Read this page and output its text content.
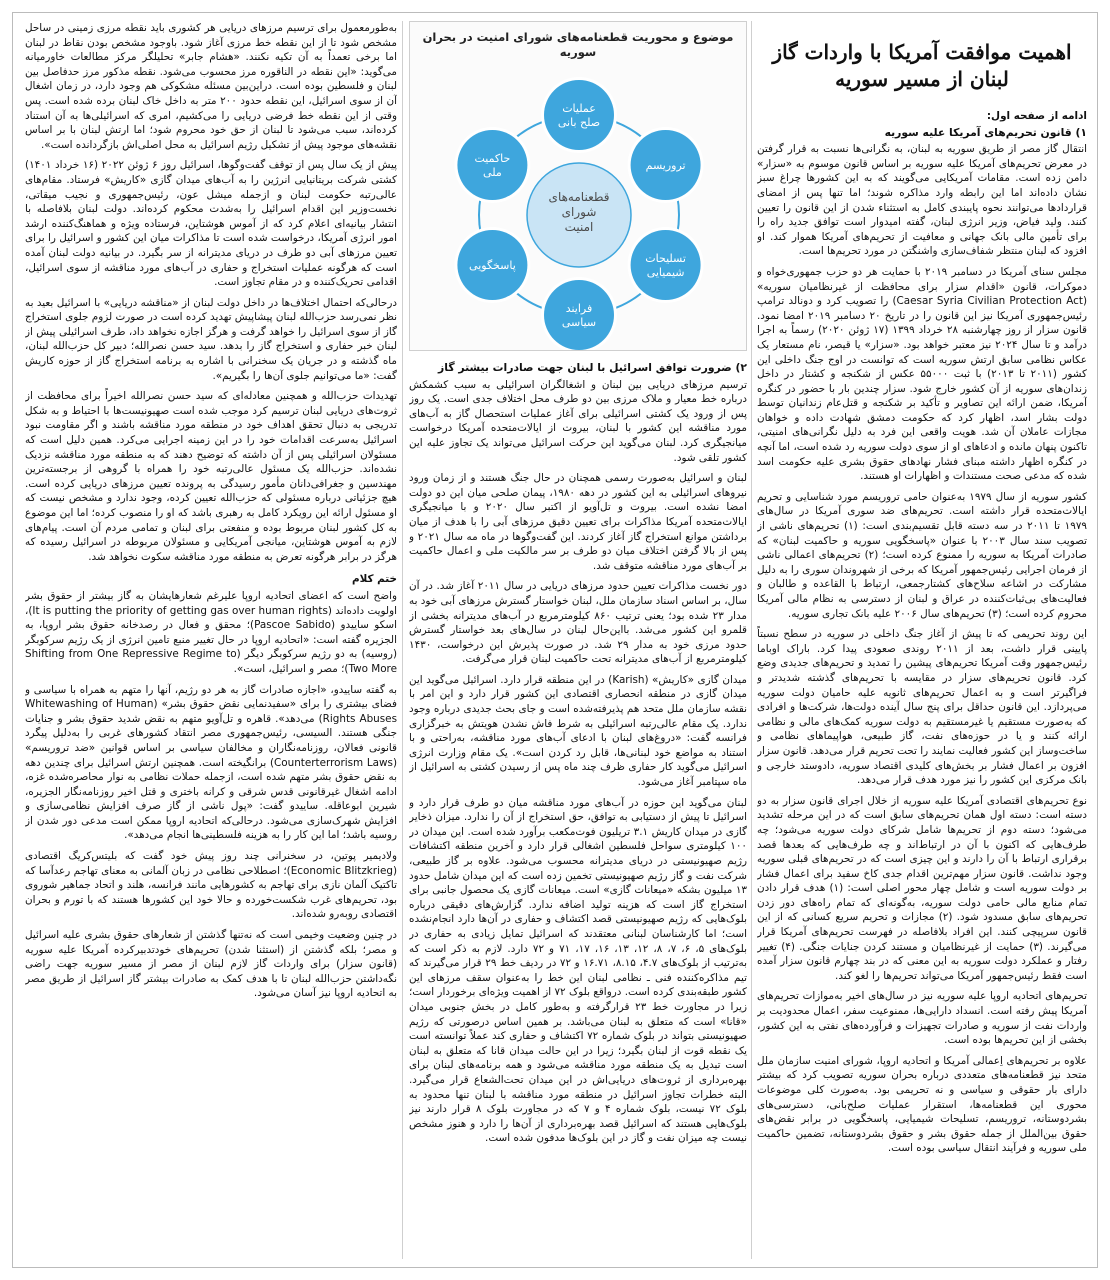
اهمیت موافقت آمریکا با واردات گاز لبنان از مسیر سوریه

ادامه از صفحه اول:

۱) قانون تحریم‌های آمریکا علیه سوریه

انتقال گاز مصر از طریق سوریه به لبنان، به نگرانی‌ها نسبت به قرار گرفتن در معرض تحریم‌های آمریکا علیه سوریه بر اساس قانون موسوم به «سزار» دامن زده است. مقامات آمریکایی می‌گویند که به این کشورها چراغ سبز نشان داده‌اند اما این رابطه وارد مذاکره شوند؛ اما تنها پس از امضای قراردادها می‌توانند نحوه پایبندی کامل به استثناء شدن از این قانون را تعیین کنند. ولید فیاض، وزیر انرژی لبنان، گفته امیدوار است توافق جدید راه را برای تأمین مالی بانک جهانی و معافیت از تحریم‌های آمریکا هموار کند. او افزود که لبنان منتظر شفاف‌سازی واشنگتن در مورد تحریم‌ها است.

مجلس سنای آمریکا در دسامبر ۲۰۱۹ با حمایت هر دو حزب جمهوری‌خواه و دموکرات، قانون «اقدام سزار برای محافظت از غیرنظامیان سوریه» (Caesar Syria Civilian Protection Act) را تصویب کرد و دونالد ترامپ رئیس‌جمهوری آمریکا نیز این قانون را در تاریخ ۲۰ دسامبر ۲۰۱۹ امضا نمود. قانون سزار از روز چهارشنبه ۲۸ خرداد ۱۳۹۹ (۱۷ ژوئن ۲۰۲۰) رسماً به اجرا درآمد و تا سال ۲۰۲۴ نیز معتبر خواهد بود. «سزار» یا قیصر، نام مستعار یک عکاس نظامی سابق ارتش سوریه است که توانست در اوج جنگ داخلی این کشور (۲۰۱۱ تا ۲۰۱۳) با ثبت ۵۵۰۰۰ عکس از شکنجه و کشتار در داخل زندان‌های سوریه از آن کشور خارج شود. سزار چندین بار با حضور در کنگره آمریکا، ضمن ارائه این تصاویر و تأکید بر شکنجه و قتل‌عام زندانیان توسط دولت بشار اسد، اظهار کرد که حکومت دمشق شهادت داده و خواهان مجازات عاملان آن شد. هویت واقعی این فرد به دلیل نگرانی‌های امنیتی، تاکنون پنهان مانده و ادعاهای او از سوی دولت سوریه رد شده است، اما آنچه در کنگره اظهار داشته مبنای فشار نهادهای حقوق بشری علیه حکومت اسد شده که مدعی صحت مستندات و اظهارات او هستند.

کشور سوریه از سال ۱۹۷۹ به‌عنوان حامی تروریسم مورد شناسایی و تحریم ایالات‌متحده قرار داشته است. تحریم‌های ضد سوری آمریکا در سال‌های ۱۹۷۹ تا ۲۰۱۱ در سه دسته قابل تقسیم‌بندی است: (۱) تحریم‌های ناشی از تصویب سند سال ۲۰۰۳ با عنوان «پاسخگویی سوریه و حاکمیت لبنان» که صادرات آمریکا به سوریه را ممنوع کرده است؛ (۲) تحریم‌های اعمالی ناشی از فرمان اجرایی رئیس‌جمهور آمریکا که برخی از شهروندان سوری را به دلیل مشارکت در اشاعه سلاح‌های کشتارجمعی، ارتباط با القاعده و طالبان و فعالیت‌های بی‌ثبات‌کننده در عراق و لبنان از دسترسی به نظام مالی آمریکا محروم کرده است؛ (۳) تحریم‌های سال ۲۰۰۶ علیه بانک تجاری سوریه.

این روند تحریمی که تا پیش از آغاز جنگ داخلی در سوریه در سطح نسبتاً پایینی قرار داشت، بعد از ۲۰۱۱ روندی صعودی پیدا کرد. باراک اوباما رئیس‌جمهور وقت آمریکا تحریم‌های پیشین را تمدید و تحریم‌های جدیدی وضع کرد. قانون تحریم‌های سزار در مقایسه با تحریم‌های گذشته شدیدتر و فراگیرتر است و به اعمال تحریم‌های ثانویه علیه حامیان دولت سوریه می‌پردازد. این قانون حداقل برای پنج سال آینده دولت‌ها، شرکت‌ها و افرادی که به‌صورت مستقیم یا غیرمستقیم به دولت سوریه کمک‌های مالی و نظامی ارائه کنند و یا در حوزه‌های نفت، گاز طبیعی، هواپیماهای نظامی و ساخت‌وساز این کشور فعالیت نمایند را تحت تحریم قرار می‌دهد. قانون سزار افزون بر اعمال فشار بر بخش‌های کلیدی اقتصاد سوریه، دادوستد خارجی و بانک مرکزی این کشور را نیز مورد هدف قرار می‌دهد.

نوع تحریم‌های اقتصادی آمریکا علیه سوریه از خلال اجرای قانون سزار به دو دسته است: دسته اول همان تحریم‌های سابق است که در این مرحله تشدید می‌شود؛ دسته دوم از تحریم‌ها شامل شرکای دولت سوریه می‌شود؛ چه طرف‌هایی که اکنون با آن در ارتباط‌اند و چه طرف‌هایی که بعدها قصد برقراری ارتباط با آن را دارند و این چیزی است که در تحریم‌های قبلی سوریه وجود نداشت. قانون سزار مهم‌ترین اقدام جدی کاخ سفید برای اعمال فشار بر دولت سوریه است و شامل چهار محور اصلی است: (۱) هدف قرار دادن تمام منابع مالی حامی دولت سوریه، به‌گونه‌ای که تمام راه‌های دور زدن تحریم‌های سابق مسدود شود. (۲) مجازات و تحریم سریع کسانی که از این قانون سرپیچی کنند. این افراد بلافاصله در فهرست تحریم‌های آمریکا قرار می‌گیرند. (۳) حمایت از غیرنظامیان و مستند کردن جنایات جنگی. (۴) تغییر رفتار و عملکرد دولت سوریه به این معنی که در بند چهارم قانون سزار آمده است فقط رئیس‌جمهور آمریکا می‌تواند تحریم‌ها را لغو کند.

تحریم‌های اتحادیه اروپا علیه سوریه نیز در سال‌های اخیر به‌موازات تحریم‌های آمریکا پیش رفته است. انسداد دارایی‌ها، ممنوعیت سفر، اعمال محدودیت بر واردات نفت از سوریه و صادرات تجهیزات و فرآورده‌های نفتی به این کشور، بخشی از این تحریم‌ها بوده است.

علاوه بر تحریم‌های اِعمالی آمریکا و اتحادیه اروپا، شورای امنیت سازمان ملل متحد نیز قطعنامه‌های متعددی درباره بحران سوریه تصویب کرد که بیشتر دارای بار حقوقی و سیاسی و نه تحریمی بود. به‌صورت کلی موضوعات محوری این قطعنامه‌ها، استقرار عملیات صلح‌بانی، دسترسی‌های بشردوستانه، تروریسم، تسلیحات شیمیایی، پاسخگویی در برابر نقض‌های حقوق بین‌الملل از جمله حقوق بشر و حقوق بشردوستانه، تضمین حاکمیت ملی سوریه و فرآیند انتقال سیاسی بوده است.

موضوع و محوریت قطعنامه‌های شورای امنیت در بحران سوریه
قطعنامه‌های
شورای
امنیت
عملیات
صلح بانی
تروریسم
تسلیحات
شیمیایی
فرایند
سیاسی
پاسخگویی
حاکمیت
ملی
۲) ضرورت توافق اسرائیل با لبنان جهت صادرات بیشتر گاز

ترسیم مرزهای دریایی بین لبنان و اشغالگران اسرائیلی به سبب کشمکش درباره خط معیار و ملاک مرزی بین دو طرف محل اختلاف جدی است. یک روز پس از ورود یک کشتی اسرائیلی برای آغاز عملیات استحصال گاز به آب‌های مورد مناقشه این کشور با لبنان، بیروت از ایالات‌متحده آمریکا درخواست میانجیگری کرد. لبنان می‌گوید این حرکت اسرائیل می‌تواند یک تجاوز علیه این کشور تلقی شود.

لبنان و اسرائیل به‌صورت رسمی همچنان در حال جنگ هستند و از زمان ورود نیروهای اسرائیلی به این کشور در دهه ۱۹۸۰، پیمان صلحی میان این دو دولت امضا نشده است. بیروت و تل‌آویو از اکتبر سال ۲۰۲۰ و با میانجیگری ایالات‌متحده آمریکا مذاکرات برای تعیین دقیق مرزهای آبی را با هدف از میان برداشتن موانع استخراج گاز آغاز کردند. این گفت‌وگوها در ماه مه سال ۲۰۲۱ و پس از بالا گرفتن اختلاف میان دو طرف بر سر مالکیت ملی و اعمال حاکمیت بر آب‌های مورد مناقشه متوقف شد.

دور نخست مذاکرات تعیین حدود مرزهای دریایی در سال ۲۰۱۱ آغاز شد. در آن سال، بر اساس اسناد سازمان ملل، لبنان خواستار گسترش مرزهای آبی خود به مدار ۲۳ شده بود؛ یعنی ترتیب ۸۶۰ کیلومترمربع در آب‌های مدیترانه بخشی از قلمرو این کشور می‌شد. بااین‌حال لبنان در سال‌های بعد خواستار گسترش حدود مرزی خود به مدار ۲۹ شد. در صورت پذیرش این درخواست، ۱۴۳۰ کیلومترمربع از آب‌های مدیترانه تحت حاکمیت لبنان قرار می‌گرفت.

میدان گازی «کاریش» (Karish) در این منطقه قرار دارد. اسرائیل می‌گوید این میدان گازی در منطقه انحصاری اقتصادی این کشور قرار دارد و این امر با نقشه سازمان ملل متحد هم پذیرفته‌شده است و جای بحث جدیدی درباره وجود ندارد. یک مقام عالی‌رتبه اسرائیلی به شرط فاش نشدن هویتش به خبرگزاری فرانسه گفت: «دروغ‌های لبنان با ادعای آب‌های مورد مناقشه، به‌راحتی و با استناد به مواضع خود لبنانی‌ها، قابل رد کردن است». یک مقام وزارت انرژی اسرائیل می‌گوید کار حفاری ظرف چند ماه پس از رسیدن کشتی به اسرائیل از ماه سپتامبر آغاز می‌شود.

لبنان می‌گوید این حوزه در آب‌های مورد مناقشه میان دو طرف قرار دارد و اسرائیل تا پیش از دستیابی به توافق، حق استخراج از آن را ندارد. میزان ذخایر گازی در میدان کاریش ۳.۱ تریلیون فوت‌مکعب برآورد شده است. این میدان در ۱۰۰ کیلومتری سواحل فلسطین اشغالی قرار دارد و آخرین منطقه اکتشافات رژیم صهیونیستی در دریای مدیترانه محسوب می‌شود. علاوه بر گاز طبیعی، شرکت نفت و گاز رژیم صهیونیستی تخمین زده است که این میدان شامل حدود ۱۳ میلیون بشکه «میعانات گازی» است. میعانات گازی یک محصول جانبی برای استخراج گاز است که هزینه تولید اضافه ندارد. گزارش‌های دقیقی درباره بلوک‌هایی که رژیم صهیونیستی قصد اکتشاف و حفاری در آن‌ها دارد انجام‌نشده است؛ اما کارشناسان لبنانی معتقدند که اسرائیل تمایل زیادی به حفاری در بلوک‌های ۵، ۶، ۷، ۸، ۱۲، ۱۳، ۱۶، ۱۷، ۷۱ و ۷۲ دارد. لازم به ذکر است که به‌ترتیب از بلوک‌های ۴.۷، ۸.۱۵، ۱۶.۷۱ و ۷۲ در ردیف خط ۲۹ قرار می‌گیرند که تیم مذاکره‌کننده فنی ـ نظامی لبنان این خط را به‌عنوان سقف مرزهای این کشور طبقه‌بندی کرده است. درواقع بلوک ۷۲ از اهمیت ویژه‌ای برخوردار است؛ زیرا در مجاورت خط ۲۳ قرارگرفته و به‌طور کامل در بخش جنوبی میدان «قانا» است که متعلق به لبنان می‌باشد. بر همین اساس درصورتی که رژیم صهیونیستی بتواند در بلوک شماره ۷۲ اکتشاف و حفاری کند عملاً توانسته است یک نقطه قوت از لبنان بگیرد؛ زیرا در این حالت میدان قانا که متعلق به لبنان است تبدیل به یک منطقه مورد مناقشه می‌شود و همه برنامه‌های لبنان برای بهره‌برداری از ثروت‌های دریایی‌اش در این میدان تحت‌الشعاع قرار می‌گیرد. البته خطرات تجاوز اسرائیل در منطقه مورد مناقشه با لبنان تنها محدود به بلوک ۷۲ نیست، بلوک شماره ۴ و ۷ که در مجاورت بلوک ۸ قرار دارند نیز بلوک‌هایی هستند که اسرائیل قصد بهره‌برداری از آن‌ها را دارد و هنوز مشخص نیست چه میزان نفت و گاز در این بلوک‌ها مدفون شده است.

به‌طورمعمول برای ترسیم مرزهای دریایی هر کشوری باید نقطه مرزی زمینی در ساحل مشخص شود تا از این نقطه خط مرزی آغاز شود. باوجود مشخص بودن نقاط در لبنان اما برخی تعمداً به آن تکیه نکنند. «هشام جابر» تحلیلگر مرکز مطالعات خاورمیانه می‌گوید: «این نقطه در الناقوره مرز محسوب می‌شود. نقطه مذکور مرز حدفاصل بین لبنان و فلسطین بوده است. دراین‌بین مسئله مشکوکی هم وجود دارد، در زمان اشغال آن از سوی اسرائیل، این نقطه حدود ۲۰۰ متر به داخل خاک لبنان برده شده است. پس وقتی از این نقطه خط فرضی دریایی را می‌کشیم، امری که اسرائیلی‌ها به آن استناد کرده‌اند، سبب می‌شود تا لبنان از حق خود محروم شود؛ اما ارتش لبنان با بر اساس نقشه‌های موجود پیش از تشکیل رژیم اسرائیل به محل اصلی‌اش بازگردانده است».

پیش از یک سال پس از توقف گفت‌وگوها، اسرائیل روز ۶ ژوئن ۲۰۲۲ (۱۶ خرداد ۱۴۰۱) کشتی شرکت بریتانیایی انرژین را به آب‌های میدان گازی «کاریش» فرستاد. مقام‌های عالی‌رتبه حکومت لبنان و ازجمله میشل عون، رئیس‌جمهوری و نجیب میقاتی، نخست‌وزیر این اقدام اسرائیل را به‌شدت محکوم کرده‌اند. دولت لبنان بلافاصله با انتشار بیانیه‌ای اعلام کرد که از آموس هوشتاین، فرستاده ویژه و هماهنگ‌کننده ارشد امور انرژی آمریکا، درخواست شده است تا مذاکرات میان این کشور و اسرائیل را برای تعیین مرزهای آبی دو طرف در دریای مدیترانه از سر بگیرد. در بیانیه دولت لبنان آمده است که هرگونه عملیات استخراج و حفاری در آب‌های مورد مناقشه از سوی اسرائیل، اقدامی تحریک‌کننده و در مقام تجاوز است.

درحالی‌که احتمال اختلاف‌ها در داخل دولت لبنان از «مناقشه دریایی» با اسرائیل بعید به نظر نمی‌رسد حزب‌الله لبنان پیشاپیش تهدید کرده است در صورت لزوم جلوی استخراج گاز از سوی اسرائیل را خواهد گرفت و هرگز اجازه نخواهد داد، طرف اسرائیلی پیش از لبنان خبر حفاری و استخراج گاز را بدهد. سید حسن نصرالله؛ دبیر کل حزب‌الله لبنان، ماه گذشته و در جریان یک سخنرانی با اشاره به برنامه استخراج گاز از حوزه کاریش گفت: «ما می‌توانیم جلوی آن‌ها را بگیریم».

تهدیدات حزب‌الله و همچنین معادله‌ای که سید حسن نصرالله اخیراً برای محافظت از ثروت‌های دریایی لبنان ترسیم کرد موجب شده است صهیونیست‌ها با احتیاط و به شکل تدریجی به دنبال تحقق اهداف خود در منطقه مورد مناقشه باشند و اگر مقاومت نبود اسرائیل به‌سرعت اقدامات خود را در این زمینه اجرایی می‌کرد. همین دلیل است که مسئولان اسرائیلی پس از آن داشته که توضیح دهند که به منطقه مورد مناقشه نزدیک نشده‌اند. حزب‌الله یک مسئول عالی‌رتبه خود را همراه با گروهی از برجسته‌ترین مهندسین و جغرافی‌دانان مأمور رسیدگی به پرونده تعیین مرزهای دریایی کرده است. هیچ جزئیاتی درباره مسئولی که حزب‌الله تعیین کرده، وجود ندارد و مشخص نیست که او مسئول ارائه این رویکرد کامل به رهبری باشد که او را منصوب کرده؛ اما این موضوع به کل کشور لبنان مربوط بوده و منفعتی برای لبنان و تمامی مردم آن است. پیام‌های لازم به آموس هوشتاین، میانجی آمریکایی و مسئولان مربوطه در اسرائیل رسیده که هرگز در برابر هرگونه تعرض به منطقه مورد مناقشه سکوت نخواهد شد.

ختم کلام

واضح است که اعضای اتحادیه اروپا علیرغم شعارهایشان به گاز بیشتر از حقوق بشر اولویت داده‌اند (It is putting the priority of getting gas over human rights)، اسکو ساییدو (Pascoe Sabido)؛ محقق و فعال در رصدخانه حقوق بشر اروپا، به الجزیره گفته است: «اتحادیه اروپا در حال تغییر منبع تامین انرژی از یک رژیم سرکوبگر (روسیه) به دو رژیم سرکوبگر دیگر (Shifting from One Repressive Regime to Two More)؛ مصر و اسرائیل، است».

به گفته ساییدو، «اجازه صادرات گاز به هر دو رژیم، آنها را متهم به همراه با سیاسی و فضای بیشتری را برای «سفیدنمایی نقض حقوق بشر» (Whitewashing of Human Rights Abuses) می‌دهد». قاهره و تل‌آویو متهم به نقض شدید حقوق بشر و جنایات جنگی هستند. السیسی، رئیس‌جمهوری مصر انتقاد کشورهای غربی را به‌دلیل پیگرد قانونی فعالان، روزنامه‌نگاران و مخالفان سیاسی بر اساس قوانین «ضد تروریسم» (Counterterrorism Laws) برانگیخته است. همچنین ارتش اسرائیل برای چندین دهه به نقض حقوق بشر متهم شده است، ازجمله حملات نظامی به نوار محاصره‌شده غزه، ادامه اشغال غیرقانونی قدس شرقی و کرانه باختری و قتل اخیر روزنامه‌نگار الجزیره، شیرین ابوعاقله. ساییدو گفت: «پول ناشی از گاز صرف افزایش نظامی‌سازی و افزایش شهرک‌سازی می‌شود. درحالی‌که اتحادیه اروپا ممکن است مدعی دور شدن از روسیه باشد؛ اما این کار را به هزینه فلسطینی‌ها انجام می‌دهد».

ولادیمیر پوتین، در سخنرانی چند روز پیش خود گفت که بلیتس‌کریگ اقتصادی (Economic Blitzkrieg)؛ اصطلاحی نظامی در زبان آلمانی به معنای تهاجم رعدآسا که تاکتیک آلمان نازی برای تهاجم به کشورهایی مانند فرانسه، هلند و اتحاد جماهیر شوروی بود، تحریم‌های غرب شکست‌خورده و حالا خود این کشورها هستند که با تورم و بحران اقتصادی روبه‌رو شده‌اند.

در چنین وضعیت وخیمی است که نه‌تنها گذشتن از شعارهای حقوق بشری علیه اسرائیل و مصر؛ بلکه گذشتن از (استثنا شدن) تحریم‌های خودتدبیرکرده آمریکا علیه سوریه (قانون سزار) برای واردات گاز لازم لبنان از مصر از مسیر سوریه جهت راضی نگه‌داشتن حزب‌الله لبنان تا با هدف کمک به صادرات بیشتر گاز اسرائیل از طریق مصر به اتحادیه اروپا نیز آسان می‌شود.
